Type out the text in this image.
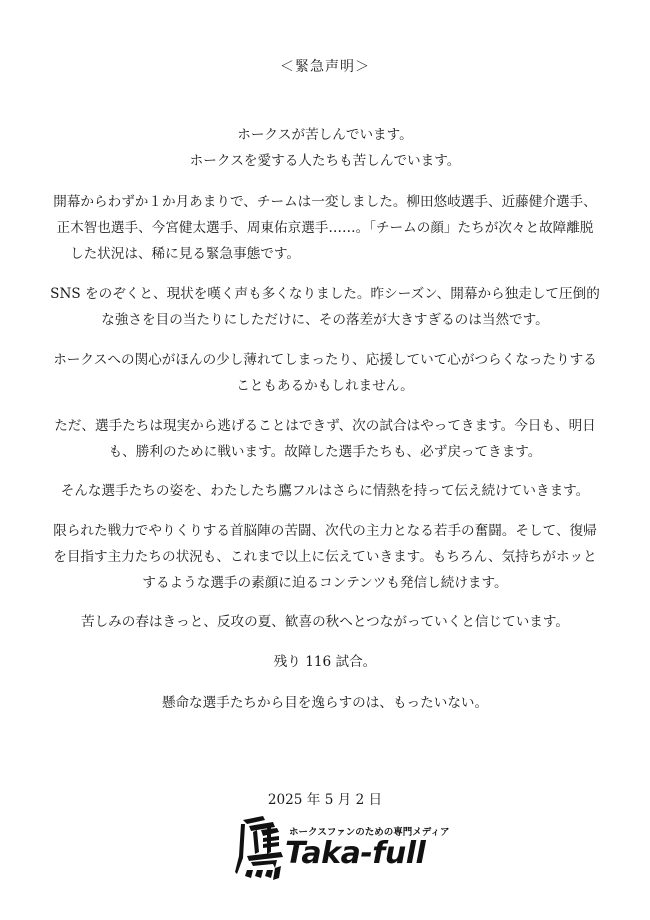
＜緊急声明＞
ホークスが苦しんでいます。
ホークスを愛する人たちも苦しんでいます。
開幕からわずか１か月あまりで、チームは一変しました。柳田悠岐選手、近藤健介選手、
正木智也選手、今宮健太選手、周東佑京選手……。「チームの顔」たちが次々と故障離脱
した状況は、稀に見る緊急事態です。
SNS をのぞくと、現状を嘆く声も多くなりました。昨シーズン、開幕から独走して圧倒的
な強さを目の当たりにしただけに、その落差が大きすぎるのは当然です。
ホークスへの関心がほんの少し薄れてしまったり、応援していて心がつらくなったりする
こともあるかもしれません。
ただ、選手たちは現実から逃げることはできず、次の試合はやってきます。今日も、明日
も、勝利のために戦います。故障した選手たちも、必ず戻ってきます。
そんな選手たちの姿を、わたしたち鷹フルはさらに情熱を持って伝え続けていきます。
限られた戦力でやりくりする首脳陣の苦闘、次代の主力となる若手の奮闘。そして、復帰
を目指す主力たちの状況も、これまで以上に伝えていきます。もちろん、気持ちがホッと
するような選手の素顔に迫るコンテンツも発信し続けます。
苦しみの春はきっと、反攻の夏、歓喜の秋へとつながっていくと信じています。
残り 116 試合。
懸命な選手たちから目を逸らすのは、もったいない。
2025 年 5 月 2 日
ホークスファンのための専門メディア
Taka-full
